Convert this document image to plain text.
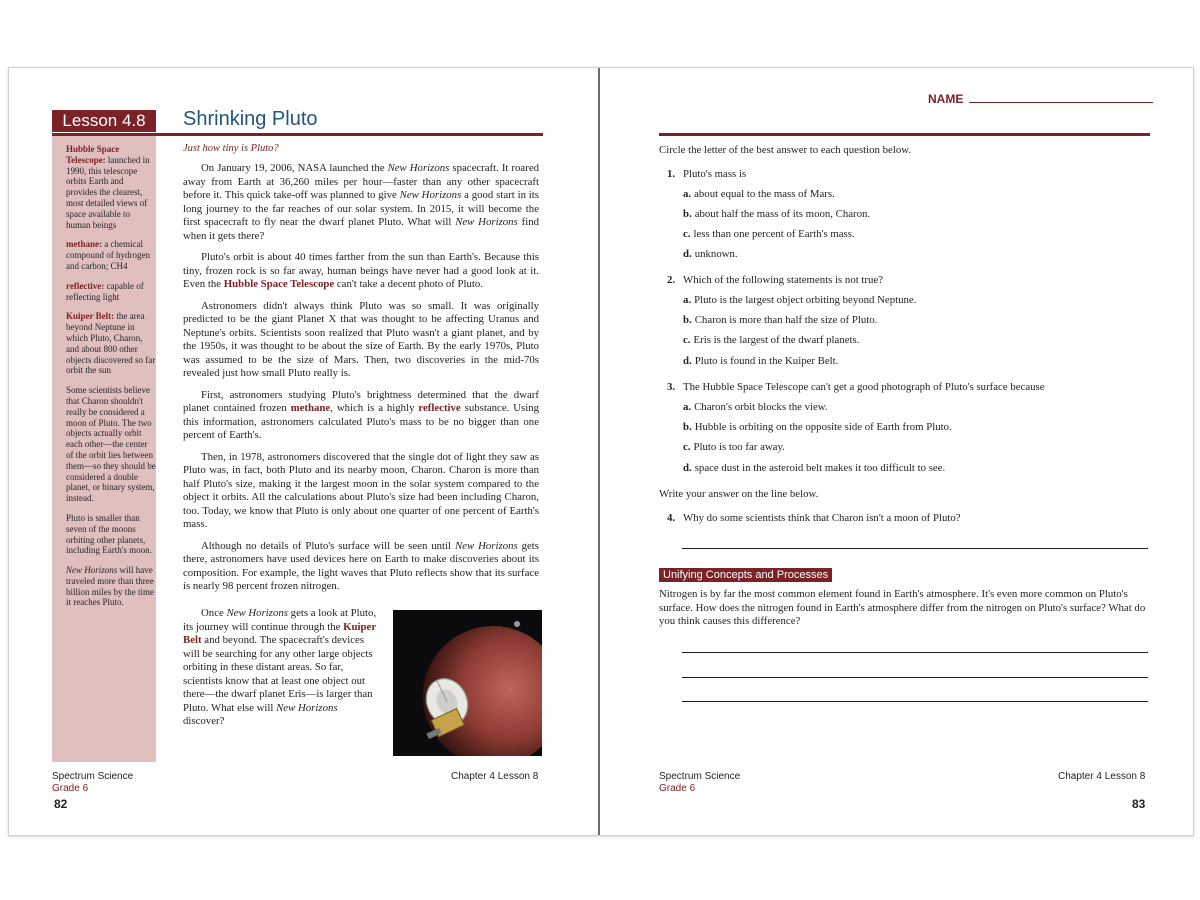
Lesson 4.8	Shrinking Pluto

Hubble Space Telescope: launched in 1990, this telescope orbits Earth and provides the clearest, most detailed views of space available to human beings

methane: a chemical compound of hydrogen and carbon; CH4

reflective: capable of reflecting light

Kuiper Belt: the area beyond Neptune in which Pluto, Charon, and about 800 other objects discovered so far orbit the sun

Some scientists believe that Charon shouldn't really be considered a moon of Pluto. The two objects actually orbit each other—the center of the orbit lies between them—so they should be considered a double planet, or binary system, instead.

Pluto is smaller than seven of the moons orbiting other planets, including Earth's moon.

New Horizons will have traveled more than three billion miles by the time it reaches Pluto.

Just how tiny is Pluto?

On January 19, 2006, NASA launched the New Horizons spacecraft. It roared away from Earth at 36,260 miles per hour—faster than any other spacecraft before it. This quick take-off was planned to give New Horizons a good start in its long journey to the far reaches of our solar system. In 2015, it will become the first spacecraft to fly near the dwarf planet Pluto. What will New Horizons find when it gets there?

Pluto's orbit is about 40 times farther from the sun than Earth's. Because this tiny, frozen rock is so far away, human beings have never had a good look at it. Even the Hubble Space Telescope can't take a decent photo of Pluto.

Astronomers didn't always think Pluto was so small. It was originally predicted to be the giant Planet X that was thought to be affecting Uranus and Neptune's orbits. Scientists soon realized that Pluto wasn't a giant planet, and by the 1950s, it was thought to be about the size of Earth. By the early 1970s, Pluto was assumed to be the size of Mars. Then, two discoveries in the mid-70s revealed just how small Pluto really is.

First, astronomers studying Pluto's brightness determined that the dwarf planet contained frozen methane, which is a highly reflective substance. Using this information, astronomers calculated Pluto's mass to be no bigger than one percent of Earth's.

Then, in 1978, astronomers discovered that the single dot of light they saw as Pluto was, in fact, both Pluto and its nearby moon, Charon. Charon is more than half Pluto's size, making it the largest moon in the solar system compared to the object it orbits. All the calculations about Pluto's size had been including Charon, too. Today, we know that Pluto is only about one quarter of one percent of Earth's mass.

Although no details of Pluto's surface will be seen until New Horizons gets there, astronomers have used devices here on Earth to make discoveries about its composition. For example, the light waves that Pluto reflects show that its surface is nearly 98 percent frozen nitrogen.

Once New Horizons gets a look at Pluto, its journey will continue through the Kuiper Belt and beyond. The spacecraft's devices will be searching for any other large objects orbiting in these distant areas. So far, scientists know that at least one object out there—the dwarf planet Eris—is larger than Pluto. What else will New Horizons discover?
Spectrum Science
Grade 6
82
Chapter 4 Lesson 8
NAME
Circle the letter of the best answer to each question below.
1. Pluto's mass is
a. about equal to the mass of Mars.
b. about half the mass of its moon, Charon.
c. less than one percent of Earth's mass.
d. unknown.
2. Which of the following statements is not true?
a. Pluto is the largest object orbiting beyond Neptune.
b. Charon is more than half the size of Pluto.
c. Eris is the largest of the dwarf planets.
d. Pluto is found in the Kuiper Belt.
3. The Hubble Space Telescope can't get a good photograph of Pluto's surface because
a. Charon's orbit blocks the view.
b. Hubble is orbiting on the opposite side of Earth from Pluto.
c. Pluto is too far away.
d. space dust in the asteroid belt makes it too difficult to see.
Write your answer on the line below.
4. Why do some scientists think that Charon isn't a moon of Pluto?
Unifying Concepts and Processes
Nitrogen is by far the most common element found in Earth's atmosphere. It's even more common on Pluto's surface. How does the nitrogen found in Earth's atmosphere differ from the nitrogen on Pluto's surface? What do you think causes this difference?
Spectrum Science
Grade 6
Chapter 4 Lesson 8
83
